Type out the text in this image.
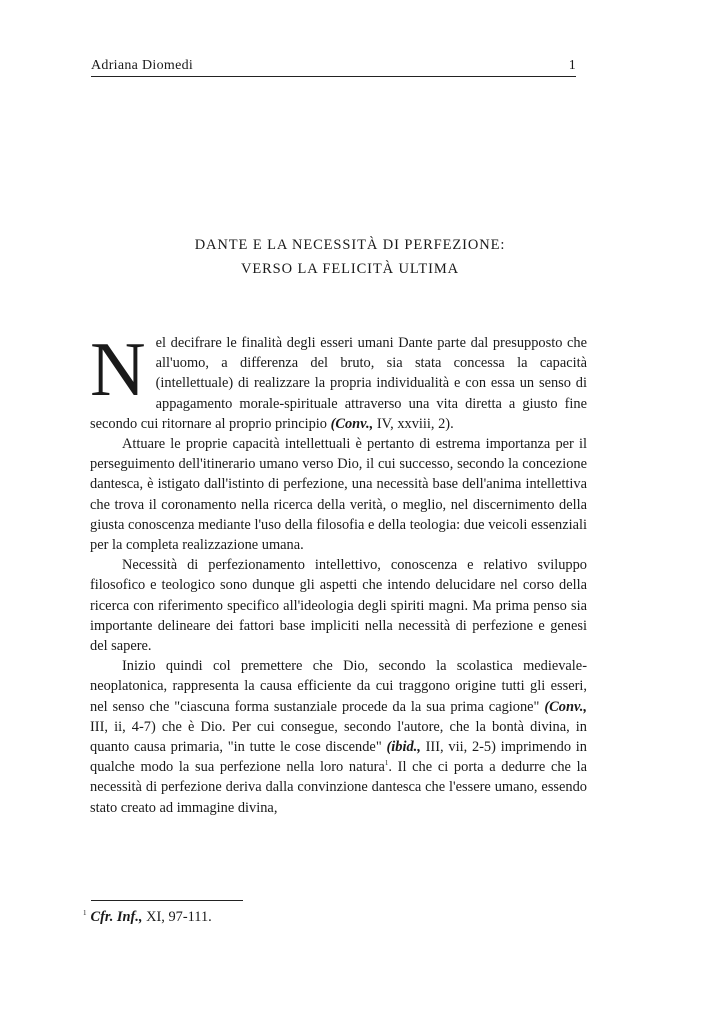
Adriana Diomedi	1
DANTE E LA NECESSITÀ DI PERFEZIONE:
VERSO LA FELICITÀ ULTIMA

Nel decifrare le finalità degli esseri umani Dante parte dal presupposto che all'uomo, a differenza del bruto, sia stata concessa la capacità (intellettuale) di realizzare la propria individualità e con essa un senso di appagamento morale-spirituale attraverso una vita diretta a giusto fine secondo cui ritornare al proprio principio (Conv., IV, xxviii, 2).

Attuare le proprie capacità intellettuali è pertanto di estrema importanza per il perseguimento dell'itinerario umano verso Dio, il cui successo, secondo la concezione dantesca, è istigato dall'istinto di perfezione, una necessità base dell'anima intellettiva che trova il coronamento nella ricerca della verità, o meglio, nel discernimento della giusta conoscenza mediante l'uso della filosofia e della teologia: due veicoli essenziali per la completa realizzazione umana.

Necessità di perfezionamento intellettivo, conoscenza e relativo sviluppo filosofico e teologico sono dunque gli aspetti che intendo delucidare nel corso della ricerca con riferimento specifico all'ideologia degli spiriti magni. Ma prima penso sia importante delineare dei fattori base impliciti nella necessità di perfezione e genesi del sapere.

Inizio quindi col premettere che Dio, secondo la scolastica medievale-neoplatonica, rappresenta la causa efficiente da cui traggono origine tutti gli esseri, nel senso che "ciascuna forma sustanziale procede da la sua prima cagione" (Conv., III, ii, 4-7) che è Dio. Per cui consegue, secondo l'autore, che la bontà divina, in quanto causa primaria, "in tutte le cose discende" (ibid., III, vii, 2-5) imprimendo in qualche modo la sua perfezione nella loro natura$^1$. Il che ci porta a dedurre che la necessità di perfezione deriva dalla convinzione dantesca che l'essere umano, essendo stato creato ad immagine divina,

$^1$ Cfr. Inf., XI, 97-111.
